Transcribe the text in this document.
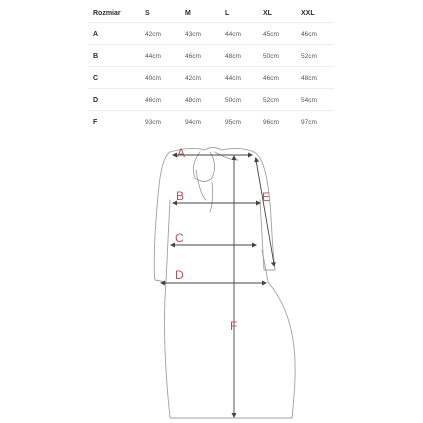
Rozmiar	S	M	L	XL	XXL
A	42cm	43cm	44cm	45cm	46cm
B	44cm	46cm	48cm	50cm	52cm
C	40cm	42cm	44cm	46cm	48cm
D	46cm	48cm	50cm	52cm	54cm
F	93cm	94cm	95cm	96cm	97cm
A
B
C
D
E
F
